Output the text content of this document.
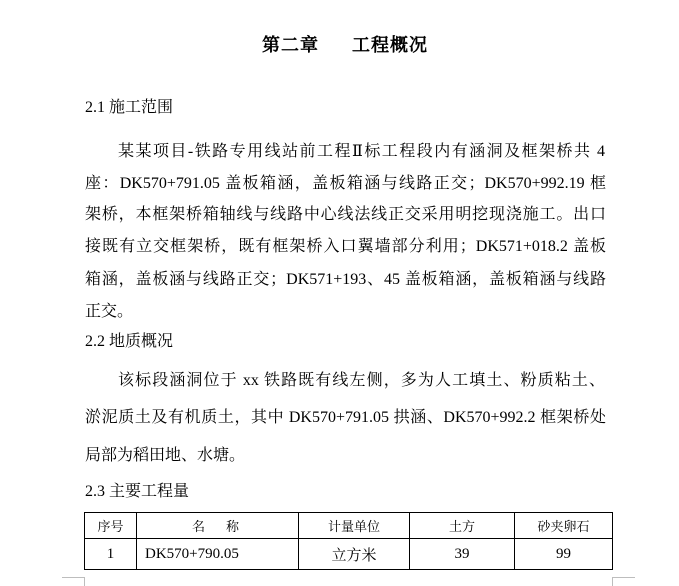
第二章 工程概况
2.1 施工范围
某某项目-铁路专用线站前工程Ⅱ标工程段内有涵洞及框架桥共 4
座：DK570+791.05 盖板箱涵，盖板箱涵与线路正交；DK570+992.19 框
架桥，本框架桥箱轴线与线路中心线法线正交采用明挖现浇施工。出口
接既有立交框架桥，既有框架桥入口翼墙部分利用；DK571+018.2 盖板
箱涵，盖板涵与线路正交；DK571+193、45 盖板箱涵，盖板箱涵与线路
正交。
2.2 地质概况
该标段涵洞位于 xx 铁路既有线左侧，多为人工填土、粉质粘土、
淤泥质土及有机质土，其中 DK570+791.05 拱涵、DK570+992.2 框架桥处
局部为稻田地、水塘。
2.3 主要工程量
序号	名　称	计量单位	土方	砂夹卵石
1	DK570+790.05	立方米	39	99
